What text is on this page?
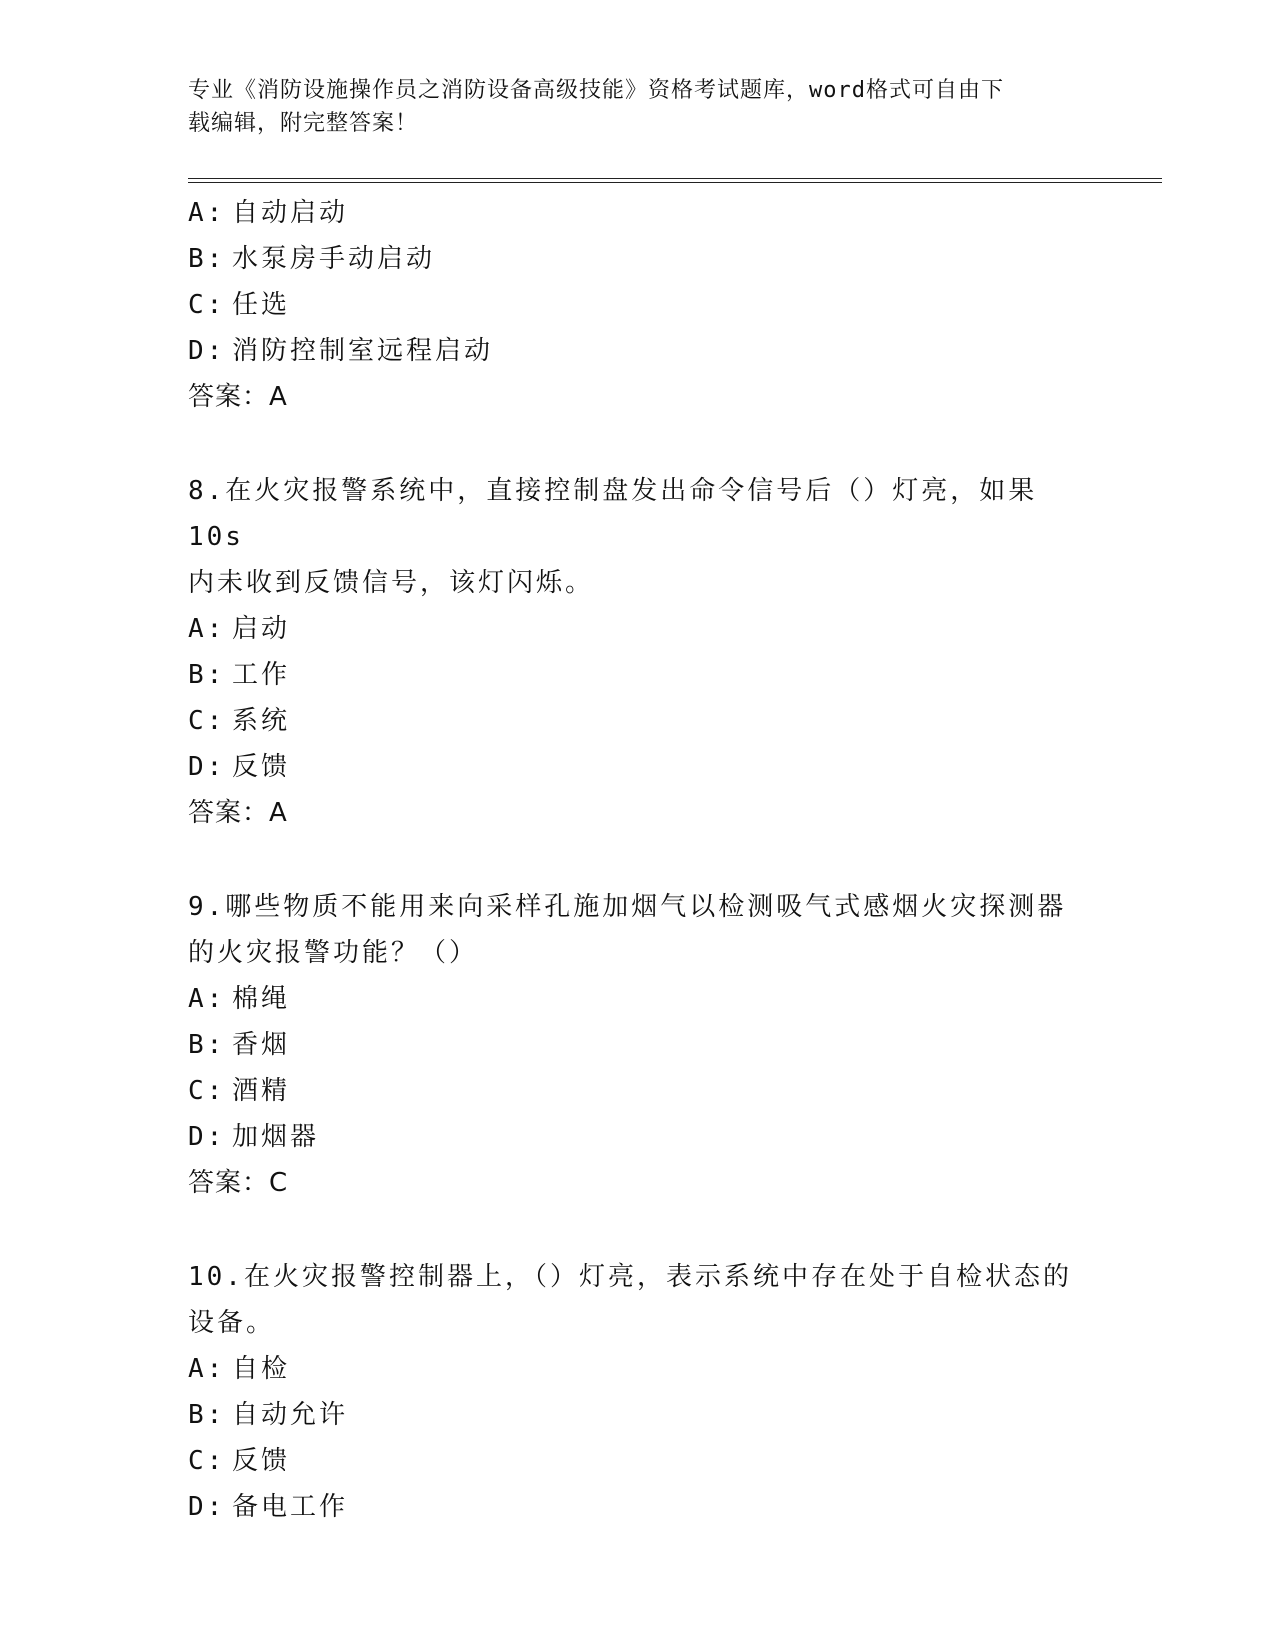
专业《消防设施操作员之消防设备高级技能》资格考试题库，word格式可自由下
载编辑，附完整答案！
A: 自动启动
B: 水泵房手动启动
C: 任选
D: 消防控制室远程启动
答案：A
8.在火灾报警系统中，直接控制盘发出命令信号后（）灯亮，如果10s
内未收到反馈信号，该灯闪烁。
A: 启动
B: 工作
C: 系统
D: 反馈
答案：A
9.哪些物质不能用来向采样孔施加烟气以检测吸气式感烟火灾探测器
的火灾报警功能？（）
A: 棉绳
B: 香烟
C: 酒精
D: 加烟器
答案：C
10.在火灾报警控制器上，（）灯亮，表示系统中存在处于自检状态的
设备。
A: 自检
B: 自动允许
C: 反馈
D: 备电工作
